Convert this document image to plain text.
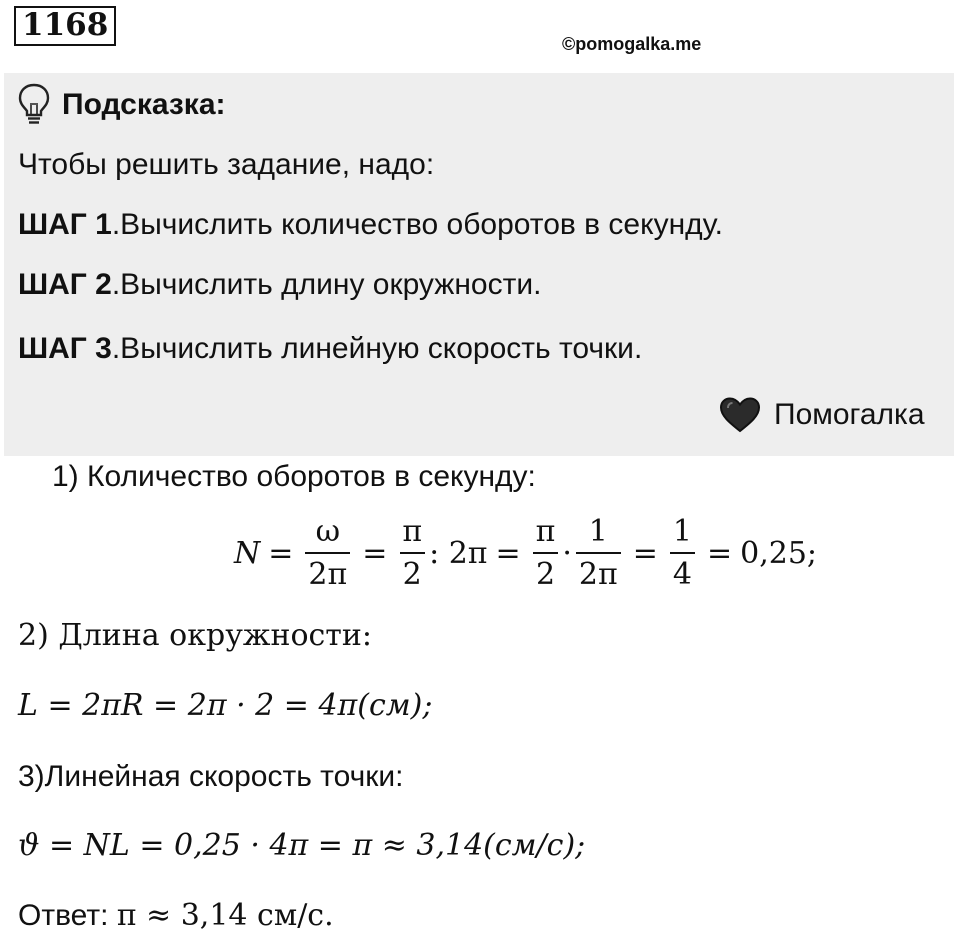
1168
©pomogalka.me
Подсказка:
Чтобы решить задание, надо:
ШАГ 1.Вычислить количество оборотов в секунду.
ШАГ 2.Вычислить длину окружности.
ШАГ 3.Вычислить линейную скорость точки.
Помогалка
1) Количество оборотов в секунду:
$N = \frac{\omega}{2\pi} = \frac{\pi}{2}$ : $2\pi = \frac{\pi}{2} \cdot \frac{1}{2\pi} = \frac{1}{4} = 0,25$;
2) Длина окружности:
L = 2πR = 2π · 2 = 4π(см);
3)Линейная скорость точки:
ϑ = NL = 0,25 · 4π = π ≈ 3,14(см/с);
Ответ: π ≈ 3,14 см/с.
